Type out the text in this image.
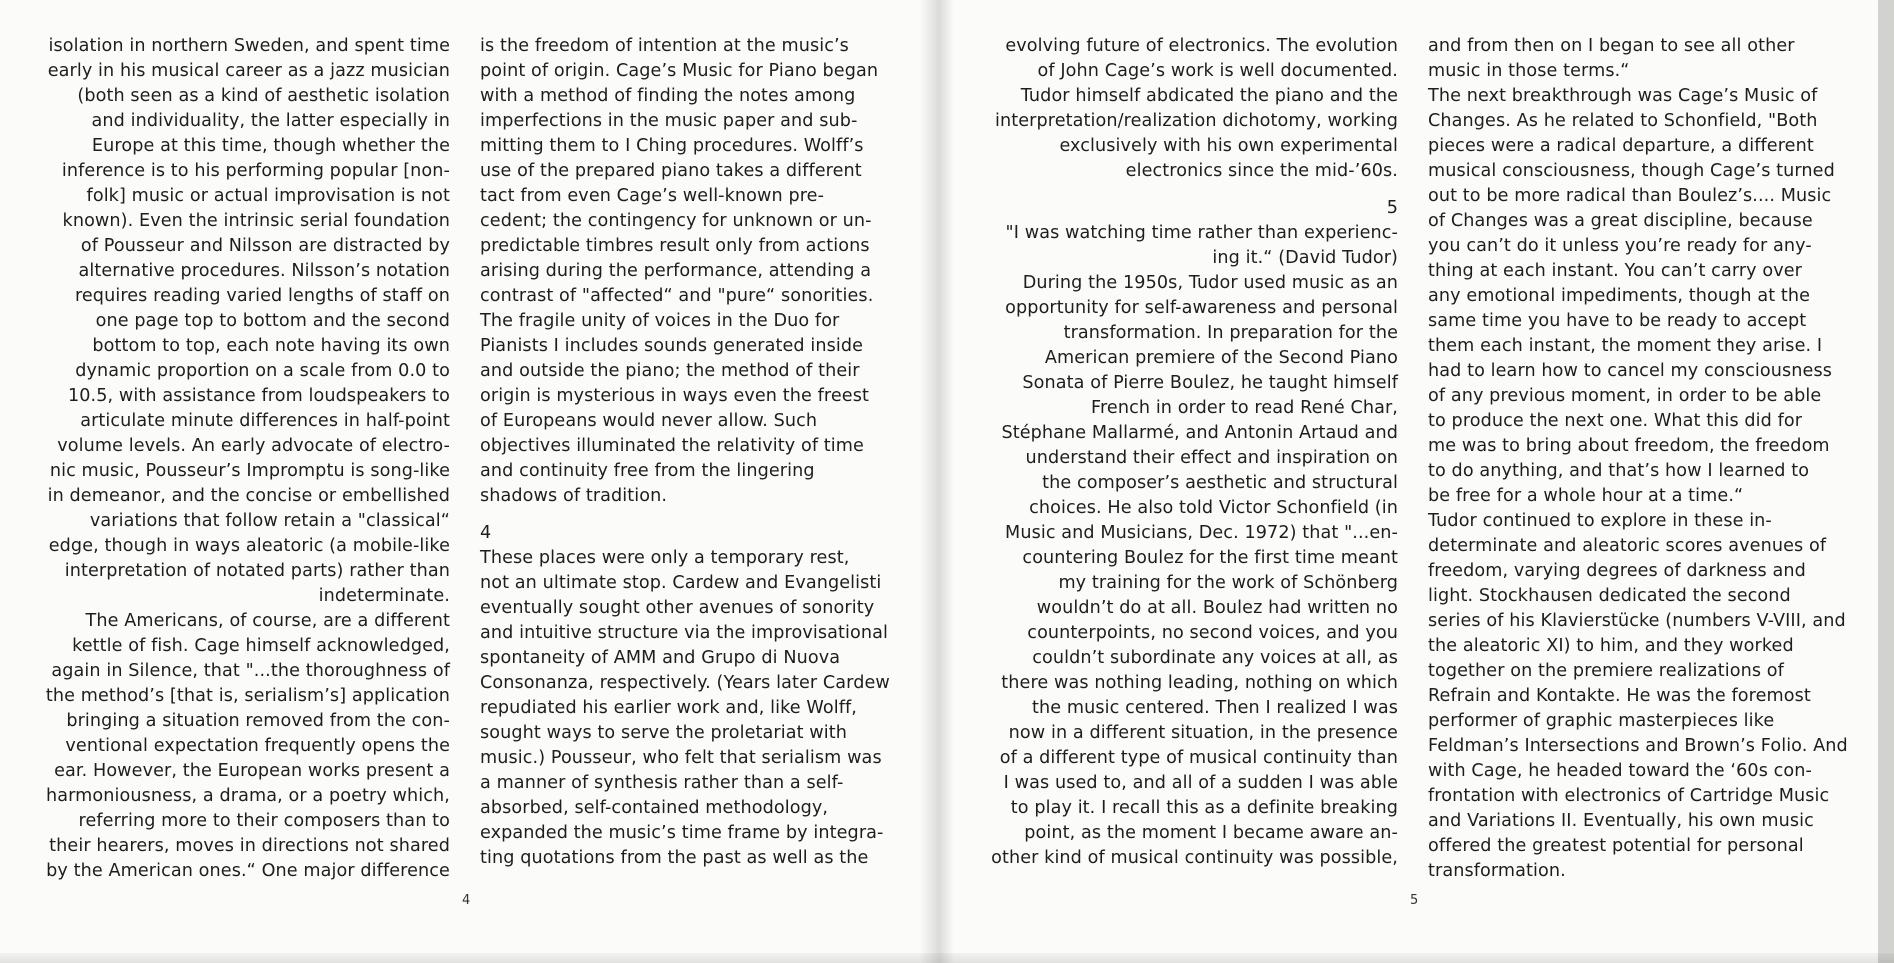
isolation in northern Sweden, and spent time

early in his musical career as a jazz musician

(both seen as a kind of aesthetic isolation

and individuality, the latter especially in

Europe at this time, though whether the

inference is to his performing popular [non-

folk] music or actual improvisation is not

known). Even the intrinsic serial foundation

of Pousseur and Nilsson are distracted by

alternative procedures. Nilsson’s notation

requires reading varied lengths of staff on

one page top to bottom and the second

bottom to top, each note having its own

dynamic proportion on a scale from 0.0 to

10.5, with assistance from loudspeakers to

articulate minute differences in half-point

volume levels. An early advocate of electro-

nic music, Pousseur’s Impromptu is song-like

in demeanor, and the concise or embellished

variations that follow retain a "classical“

edge, though in ways aleatoric (a mobile-like

interpretation of notated parts) rather than

indeterminate.

The Americans, of course, are a different

kettle of fish. Cage himself acknowledged,

again in Silence, that "...the thoroughness of

the method’s [that is, serialism’s] application

bringing a situation removed from the con-

ventional expectation frequently opens the

ear. However, the European works present a

harmoniousness, a drama, or a poetry which,

referring more to their composers than to

their hearers, moves in directions not shared

by the American ones.“ One major difference

is the freedom of intention at the music’s

point of origin. Cage’s Music for Piano began

with a method of finding the notes among

imperfections in the music paper and sub-

mitting them to I Ching procedures. Wolff’s

use of the prepared piano takes a different

tact from even Cage’s well-known pre-

cedent; the contingency for unknown or un-

predictable timbres result only from actions

arising during the performance, attending a

contrast of "affected“ and "pure“ sonorities.

The fragile unity of voices in the Duo for

Pianists I includes sounds generated inside

and outside the piano; the method of their

origin is mysterious in ways even the freest

of Europeans would never allow. Such

objectives illuminated the relativity of time

and continuity free from the lingering

shadows of tradition.

4

These places were only a temporary rest,

not an ultimate stop. Cardew and Evangelisti

eventually sought other avenues of sonority

and intuitive structure via the improvisational

spontaneity of AMM and Grupo di Nuova

Consonanza, respectively. (Years later Cardew

repudiated his earlier work and, like Wolff,

sought ways to serve the proletariat with

music.) Pousseur, who felt that serialism was

a manner of synthesis rather than a self-

absorbed, self-contained methodology,

expanded the music’s time frame by integra-

ting quotations from the past as well as the

4

evolving future of electronics. The evolution

of John Cage’s work is well documented.

Tudor himself abdicated the piano and the

interpretation/realization dichotomy, working

exclusively with his own experimental

electronics since the mid-’60s.

5

"I was watching time rather than experienc-

ing it.“ (David Tudor)

During the 1950s, Tudor used music as an

opportunity for self-awareness and personal

transformation. In preparation for the

American premiere of the Second Piano

Sonata of Pierre Boulez, he taught himself

French in order to read René Char,

Stéphane Mallarmé, and Antonin Artaud and

understand their effect and inspiration on

the composer’s aesthetic and structural

choices. He also told Victor Schonfield (in

Music and Musicians, Dec. 1972) that "...en-

countering Boulez for the first time meant

my training for the work of Schönberg

wouldn’t do at all. Boulez had written no

counterpoints, no second voices, and you

couldn’t subordinate any voices at all, as

there was nothing leading, nothing on which

the music centered. Then I realized I was

now in a different situation, in the presence

of a different type of musical continuity than

I was used to, and all of a sudden I was able

to play it. I recall this as a definite breaking

point, as the moment I became aware an-

other kind of musical continuity was possible,

and from then on I began to see all other

music in those terms.“

The next breakthrough was Cage’s Music of

Changes. As he related to Schonfield, "Both

pieces were a radical departure, a different

musical consciousness, though Cage’s turned

out to be more radical than Boulez’s.... Music

of Changes was a great discipline, because

you can’t do it unless you’re ready for any-

thing at each instant. You can’t carry over

any emotional impediments, though at the

same time you have to be ready to accept

them each instant, the moment they arise. I

had to learn how to cancel my consciousness

of any previous moment, in order to be able

to produce the next one. What this did for

me was to bring about freedom, the freedom

to do anything, and that’s how I learned to

be free for a whole hour at a time.“

Tudor continued to explore in these in-

determinate and aleatoric scores avenues of

freedom, varying degrees of darkness and

light. Stockhausen dedicated the second

series of his Klavierstücke (numbers V-VIII, and

the aleatoric XI) to him, and they worked

together on the premiere realizations of

Refrain and Kontakte. He was the foremost

performer of graphic masterpieces like

Feldman’s Intersections and Brown’s Folio. And

with Cage, he headed toward the ‘60s con-

frontation with electronics of Cartridge Music

and Variations II. Eventually, his own music

offered the greatest potential for personal

transformation.

5
